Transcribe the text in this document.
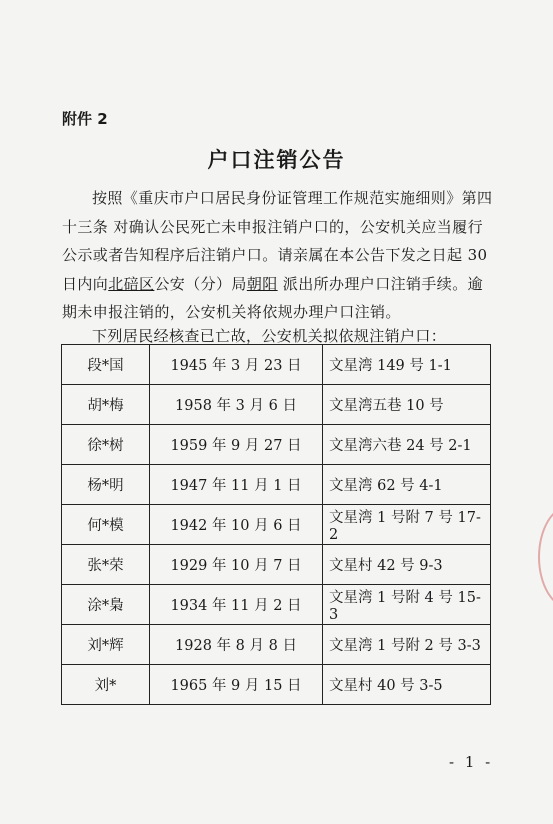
附件 2
户口注销公告

按照《重庆市户口居民身份证管理工作规范实施细则》第四

十三条 对确认公民死亡未申报注销户口的，公安机关应当履行

公示或者告知程序后注销户口。请亲属在本公告下发之日起 30

日内向北碚区公安（分）局朝阳 派出所办理户口注销手续。逾

期未申报注销的，公安机关将依规办理户口注销。

下列居民经核查已亡故，公安机关拟依规注销户口：
段*国	1945 年 3 月 23 日	文星湾 149 号 1-1
胡*梅	1958 年 3 月 6 日	文星湾五巷 10 号
徐*树	1959 年 9 月 27 日	文星湾六巷 24 号 2-1
杨*明	1947 年 11 月 1 日	文星湾 62 号 4-1
何*模	1942 年 10 月 6 日	文星湾 1 号附 7 号 17-2
张*荣	1929 年 10 月 7 日	文星村 42 号 9-3
涂*梟	1934 年 11 月 2 日	文星湾 1 号附 4 号 15-3
刘*辉	1928 年 8 月 8 日	文星湾 1 号附 2 号 3-3
刘*	1965 年 9 月 15 日	文星村 40 号 3-5
- 1 -
